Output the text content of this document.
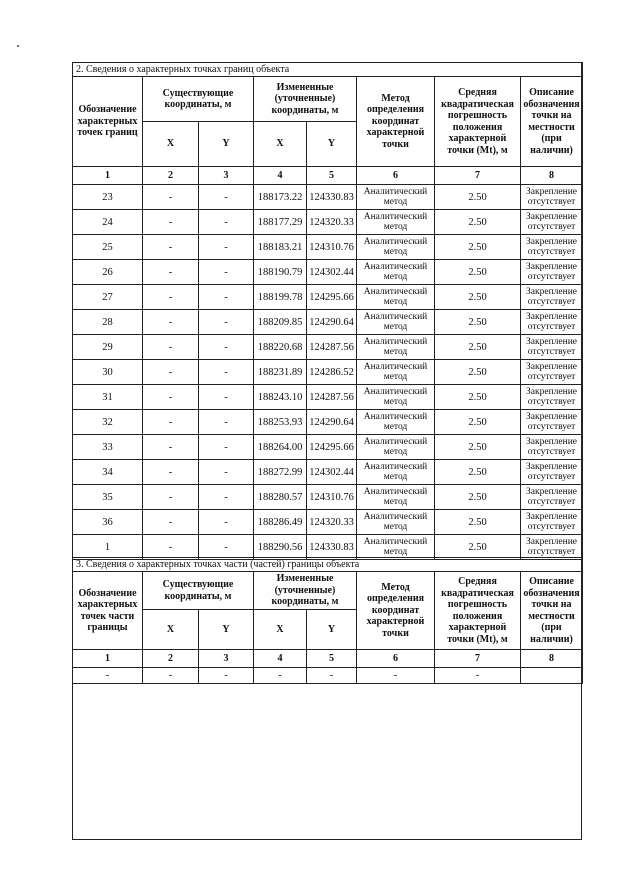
2. Сведения о характерных точках границ объекта							
Обозначение характерных точек границ	Существующие координаты, м		Измененные (уточненные) координаты, м		Метод определения координат характерной точки	Средняя квадратическая погрешность положения характерной точки (Mt), м	Описание обозначения точки на местности (при наличии)
	X	Y	X	Y			
1	2	3	4	5	6	7	8
23	-	-	188173.22	124330.83	Аналитический метод	2.50	Закрепление отсутствует
24	-	-	188177.29	124320.33	Аналитический метод	2.50	Закрепление отсутствует
25	-	-	188183.21	124310.76	Аналитический метод	2.50	Закрепление отсутствует
26	-	-	188190.79	124302.44	Аналитический метод	2.50	Закрепление отсутствует
27	-	-	188199.78	124295.66	Аналитический метод	2.50	Закрепление отсутствует
28	-	-	188209.85	124290.64	Аналитический метод	2.50	Закрепление отсутствует
29	-	-	188220.68	124287.56	Аналитический метод	2.50	Закрепление отсутствует
30	-	-	188231.89	124286.52	Аналитический метод	2.50	Закрепление отсутствует
31	-	-	188243.10	124287.56	Аналитический метод	2.50	Закрепление отсутствует
32	-	-	188253.93	124290.64	Аналитический метод	2.50	Закрепление отсутствует
33	-	-	188264.00	124295.66	Аналитический метод	2.50	Закрепление отсутствует
34	-	-	188272.99	124302.44	Аналитический метод	2.50	Закрепление отсутствует
35	-	-	188280.57	124310.76	Аналитический метод	2.50	Закрепление отсутствует
36	-	-	188286.49	124320.33	Аналитический метод	2.50	Закрепление отсутствует
1	-	-	188290.56	124330.83	Аналитический метод	2.50	Закрепление отсутствует
3. Сведения о характерных точках части (частей) границы объекта							
Обозначение характерных точек части границы	Существующие координаты, м		Измененные (уточненные) координаты, м		Метод определения координат характерной точки	Средняя квадратическая погрешность положения характерной точки (Mt), м	Описание обозначения точки на местности (при наличии)
	X	Y	X	Y			
1	2	3	4	5	6	7	8
-	-	-	-	-	-	-	
